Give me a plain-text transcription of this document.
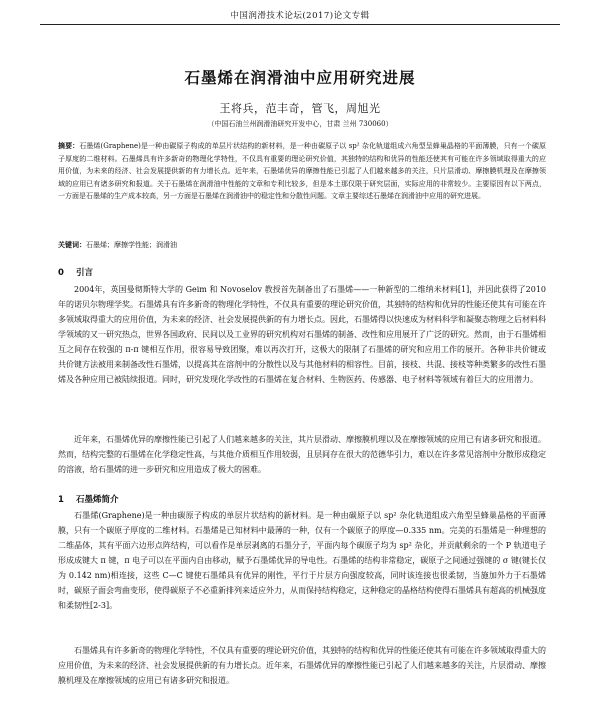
中国润滑技术论坛(2017)论文专辑
石墨烯在润滑油中应用研究进展
王将兵，范丰奇，管飞，周旭光
（中国石油兰州润滑油研究开发中心，甘肃 兰州 730060）
摘要：石墨烯(Graphene)是一种由碳原子构成的单层片状结构的新材料，是一种由碳原子以 sp² 杂化轨道组成六角型呈蜂巢晶格的平面薄膜，只有一个碳原子厚度的二维材料。石墨烯具有许多新奇的物理化学特性，不仅具有重要的理论研究价值，其独特的结构和优异的性能还使其有可能在许多领域取得重大的应用价值，为未来的经济、社会发展提供新的有力增长点。近年来，石墨烯优异的摩擦性能已引起了人们越来越多的关注，只片层滑动、摩擦膜机理及在摩擦领域的应用已有诸多研究和报道。关于石墨烯在润滑油中性能的文章和专利比较多，但是本土那仅限于研究层面，实际应用的非常较少。主要原因有以下两点，一方面是石墨烯的生产成本较高，另一方面是石墨烯在润滑油中的稳定性和分散性问题。文章主要综述石墨烯在润滑油中应用的研究进展。
关键词：石墨烯；摩擦学性能；润滑油
0 引言
2004年，英国曼彻斯特大学的 Geim 和 Novoselov 教授首先制备出了石墨烯——一种新型的二维纳米材料[1]，并因此获得了2010年的诺贝尔物理学奖。石墨烯具有许多新奇的物理化学特性，不仅具有重要的理论研究价值，其独特的结构和优异的性能还使其有可能在许多领域取得重大的应用价值，为未来的经济、社会发展提供新的有力增长点。因此，石墨烯得以快速成为材料科学和凝聚态物理之后材料科学领域的又一研究热点，世界各国政府、民间以及工业界的研究机构对石墨烯的制备、改性和应用展开了广泛的研究。然而，由于石墨烯相互之间存在较强的 π-π 键相互作用，很容易导致团聚，难以再次打开，这极大的限制了石墨烯的研究和应用工作的展开。各种非共价键或共价键方法被用来制备改性石墨烯，以提高其在溶剂中的分散性以及与其他材料的相容性。目前，接枝、共混、接枝等种类繁多的改性石墨烯及各种应用已被陆续报道。同时，研究发现化学改性的石墨烯在复合材料、生物医药、传感器、电子材料等领域有着巨大的应用潜力。
近年来，石墨烯优异的摩擦性能已引起了人们越来越多的关注，其片层滑动、摩擦膜机理以及在摩擦领域的应用已有诸多研究和报道。然而，结构完整的石墨烯在化学稳定性高，与其他介质相互作用较弱，且层间存在很大的范德华引力，难以在许多常见溶剂中分散形成稳定的溶液，给石墨烯的进一步研究和应用造成了极大的困难。
1 石墨烯简介
石墨烯(Graphene)是一种由碳原子构成的单层片状结构的新材料。是一种由碳原子以 sp² 杂化轨道组成六角型呈蜂巢晶格的平面薄膜，只有一个碳原子厚度的二维材料。石墨烯是已知材料中最薄的一种，仅有一个碳原子的厚度—0.335 nm。完美的石墨烯是一种理想的二维晶体，其有平面六边形点阵结构，可以看作是单层剥离的石墨分子，平面内每个碳原子均为 sp² 杂化，并贡献剩余的一个 P 轨道电子形成成键大 π 键，π 电子可以在平面内自由移动，赋予石墨烯优异的导电性。石墨烯的结构非常稳定，碳原子之间通过强键的 σ 键(键长仅为 0.142 nm)相连接，这些 C—C 键使石墨烯具有优异的刚性，平行于片层方向强度较高，同时该连接也很柔韧，当施加外力于石墨烯时，碳原子面会弯曲变形，使得碳原子不必重新排列来适应外力，从而保持结构稳定，这种稳定的晶格结构使得石墨烯具有超高的机械强度和柔韧性[2-3]。
石墨烯具有许多新奇的物理化学特性，不仅具有重要的理论研究价值，其独特的结构和优异的性能还使其有可能在许多领域取得重大的应用价值，为未来的经济、社会发展提供新的有力增长点。近年来，石墨烯优异的摩擦性能已引起了人们越来越多的关注，片层滑动、摩擦膜机理及在摩擦领域的应用已有诸多研究和报道。
